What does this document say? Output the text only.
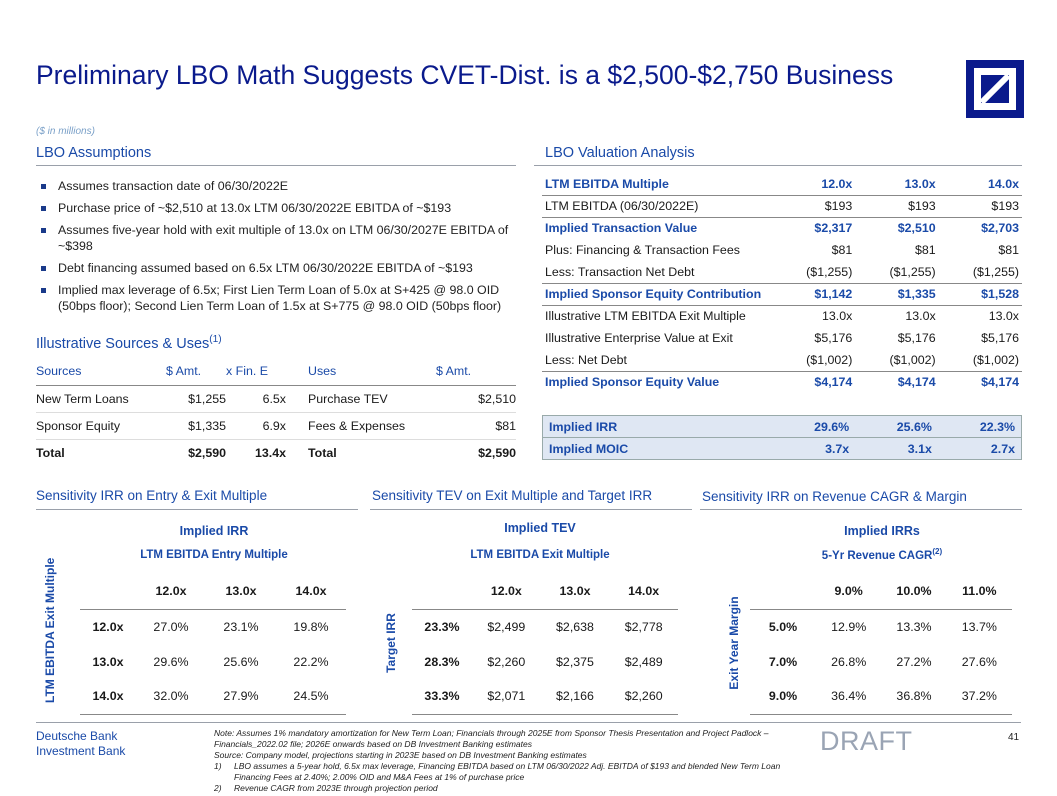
Preliminary LBO Math Suggests CVET-Dist. is a $2,500-$2,750 Business
($ in millions)
LBO Assumptions
Assumes transaction date of 06/30/2022E
Purchase price of ~$2,510 at 13.0x LTM 06/30/2022E EBITDA of ~$193
Assumes five-year hold with exit multiple of 13.0x on LTM 06/30/2027E EBITDA of ~$398
Debt financing assumed based on 6.5x LTM 06/30/2022E EBITDA of ~$193
Implied max leverage of 6.5x; First Lien Term Loan of 5.0x at S+425 @ 98.0 OID (50bps floor); Second Lien Term Loan of 1.5x at S+775 @ 98.0 OID (50bps floor)
Illustrative Sources & Uses$^{(1)}$
Sources	$ Amt.	x Fin. E	Uses	$ Amt.
New Term Loans	$1,255	6.5x	Purchase TEV	$2,510
Sponsor Equity	$1,335	6.9x	Fees & Expenses	$81
Total	$2,590	13.4x	Total	$2,590
LBO Valuation Analysis
LTM EBITDA Multiple	12.0x	13.0x	14.0x
LTM EBITDA (06/30/2022E)	$193	$193	$193
Implied Transaction Value	$2,317	$2,510	$2,703
Plus: Financing & Transaction Fees	$81	$81	$81
Less: Transaction Net Debt	($1,255)	($1,255)	($1,255)
Implied Sponsor Equity Contribution	$1,142	$1,335	$1,528
Illustrative LTM EBITDA Exit Multiple	13.0x	13.0x	13.0x
Illustrative Enterprise Value at Exit	$5,176	$5,176	$5,176
Less: Net Debt	($1,002)	($1,002)	($1,002)
Implied Sponsor Equity Value	$4,174	$4,174	$4,174
Implied IRR	29.6%	25.6%	22.3%
Implied MOIC	3.7x	3.1x	2.7x
Sensitivity IRR on Entry & Exit Multiple
Implied IRR
LTM EBITDA Entry Multiple
LTM EBITDA Exit Multiple
		12.0x	13.0x	14.0x
12.0x	27.0%	23.1%	19.8%
13.0x	29.6%	25.6%	22.2%
14.0x	32.0%	27.9%	24.5%
Sensitivity TEV on Exit Multiple and Target IRR
Implied TEV
LTM EBITDA Exit Multiple
Target IRR
	12.0x	13.0x	14.0x
23.3%	$2,499	$2,638	$2,778
28.3%	$2,260	$2,375	$2,489
33.3%	$2,071	$2,166	$2,260
Sensitivity IRR on Revenue CAGR & Margin
Implied IRRs
5-Yr Revenue CAGR$^{(2)}$
Exit Year Margin
	9.0%	10.0%	11.0%
5.0%	12.9%	13.3%	13.7%
7.0%	26.8%	27.2%	27.6%
9.0%	36.4%	36.8%	37.2%
Deutsche Bank
Investment Bank
Note: Assumes 1% mandatory amortization for New Term Loan; Financials through 2025E from Sponsor Thesis Presentation and Project Padlock – Financials_2022.02 file; 2026E onwards based on DB Investment Banking estimates
Source: Company model, projections starting in 2023E based on DB Investment Banking estimates
1) LBO assumes a 5-year hold, 6.5x max leverage, Financing EBITDA based on LTM 06/30/2022 Adj. EBITDA of $193 and blended New Term Loan Financing Fees at 2.40%; 2.00% OID and M&A Fees at 1% of purchase price
2) Revenue CAGR from 2023E through projection period
DRAFT	41
